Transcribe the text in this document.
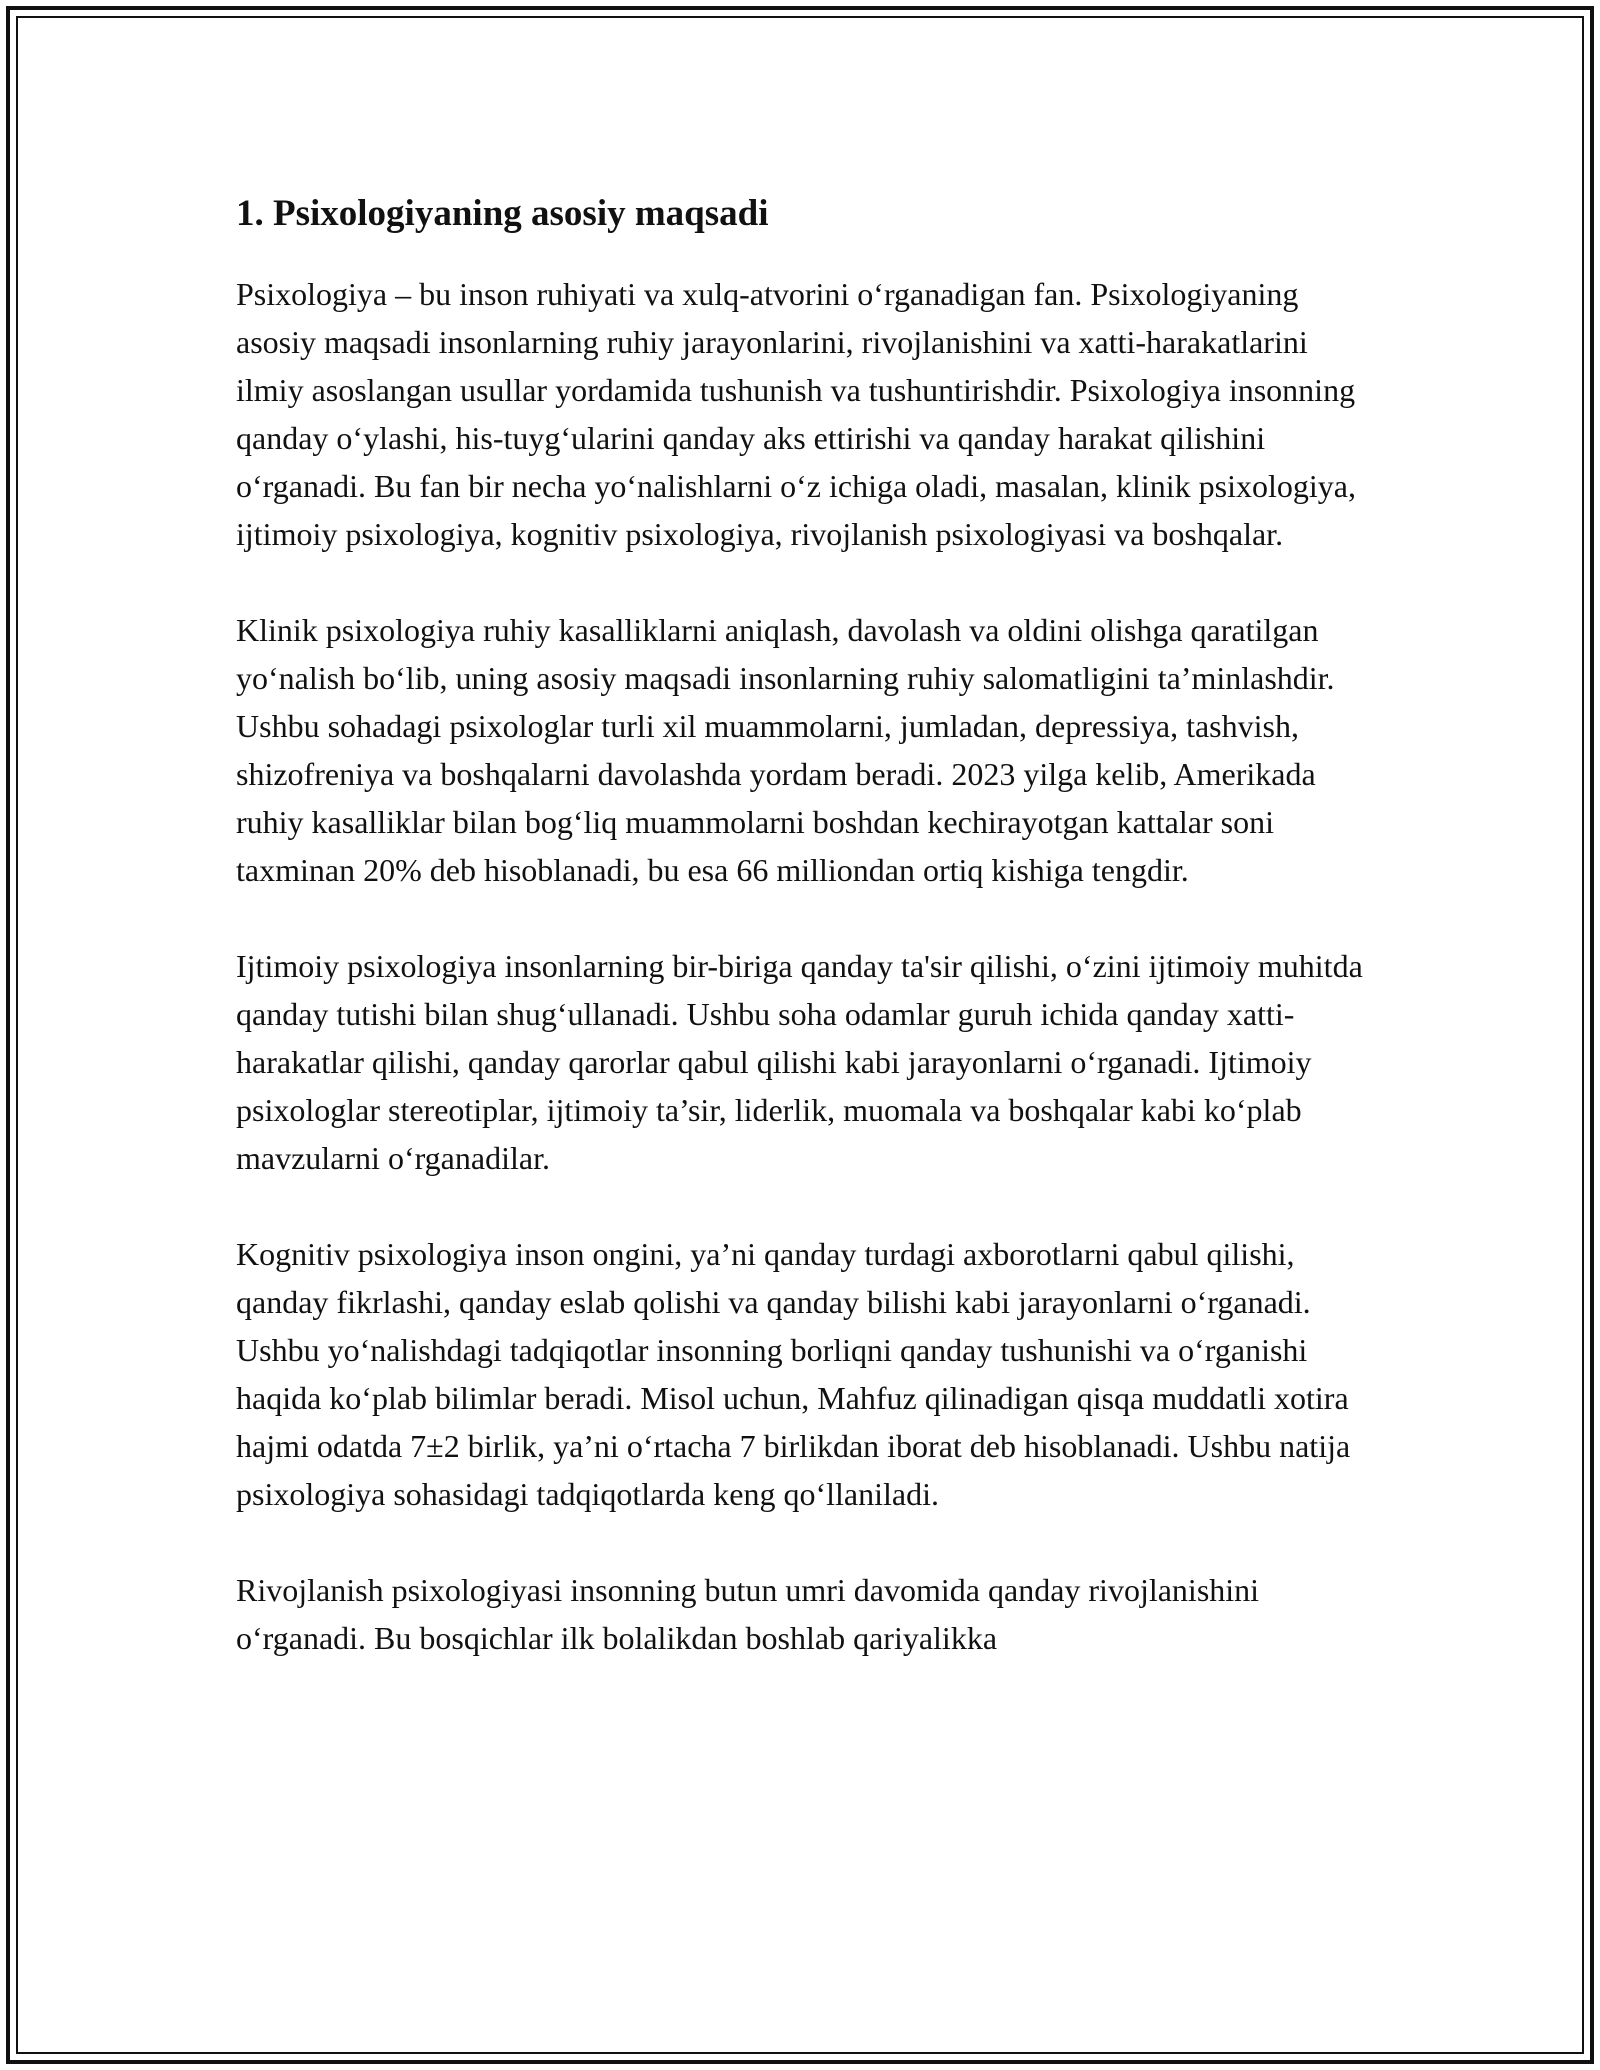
1. Psixologiyaning asosiy maqsadi

Psixologiya – bu inson ruhiyati va xulq-atvorini o‘rganadigan fan. Psixologiyaning asosiy maqsadi insonlarning ruhiy jarayonlarini, rivojlanishini va xatti-harakatlarini ilmiy asoslangan usullar yordamida tushunish va tushuntirishdir. Psixologiya insonning qanday o‘ylashi, his-tuyg‘ularini qanday aks ettirishi va qanday harakat qilishini o‘rganadi. Bu fan bir necha yo‘nalishlarni o‘z ichiga oladi, masalan, klinik psixologiya, ijtimoiy psixologiya, kognitiv psixologiya, rivojlanish psixologiyasi va boshqalar.

Klinik psixologiya ruhiy kasalliklarni aniqlash, davolash va oldini olishga qaratilgan yo‘nalish bo‘lib, uning asosiy maqsadi insonlarning ruhiy salomatligini ta’minlashdir. Ushbu sohadagi psixologlar turli xil muammolarni, jumladan, depressiya, tashvish, shizofreniya va boshqalarni davolashda yordam beradi. 2023 yilga kelib, Amerikada ruhiy kasalliklar bilan bog‘liq muammolarni boshdan kechirayotgan kattalar soni taxminan 20% deb hisoblanadi, bu esa 66 milliondan ortiq kishiga tengdir.

Ijtimoiy psixologiya insonlarning bir-biriga qanday ta'sir qilishi, o‘zini ijtimoiy muhitda qanday tutishi bilan shug‘ullanadi. Ushbu soha odamlar guruh ichida qanday xatti-harakatlar qilishi, qanday qarorlar qabul qilishi kabi jarayonlarni o‘rganadi. Ijtimoiy psixologlar stereotiplar, ijtimoiy ta’sir, liderlik, muomala va boshqalar kabi ko‘plab mavzularni o‘rganadilar.

Kognitiv psixologiya inson ongini, ya’ni qanday turdagi axborotlarni qabul qilishi, qanday fikrlashi, qanday eslab qolishi va qanday bilishi kabi jarayonlarni o‘rganadi. Ushbu yo‘nalishdagi tadqiqotlar insonning borliqni qanday tushunishi va o‘rganishi haqida ko‘plab bilimlar beradi. Misol uchun, Mahfuz qilinadigan qisqa muddatli xotira hajmi odatda 7±2 birlik, ya’ni o‘rtacha 7 birlikdan iborat deb hisoblanadi. Ushbu natija psixologiya sohasidagi tadqiqotlarda keng qo‘llaniladi.

Rivojlanish psixologiyasi insonning butun umri davomida qanday rivojlanishini o‘rganadi. Bu bosqichlar ilk bolalikdan boshlab qariyalikka
